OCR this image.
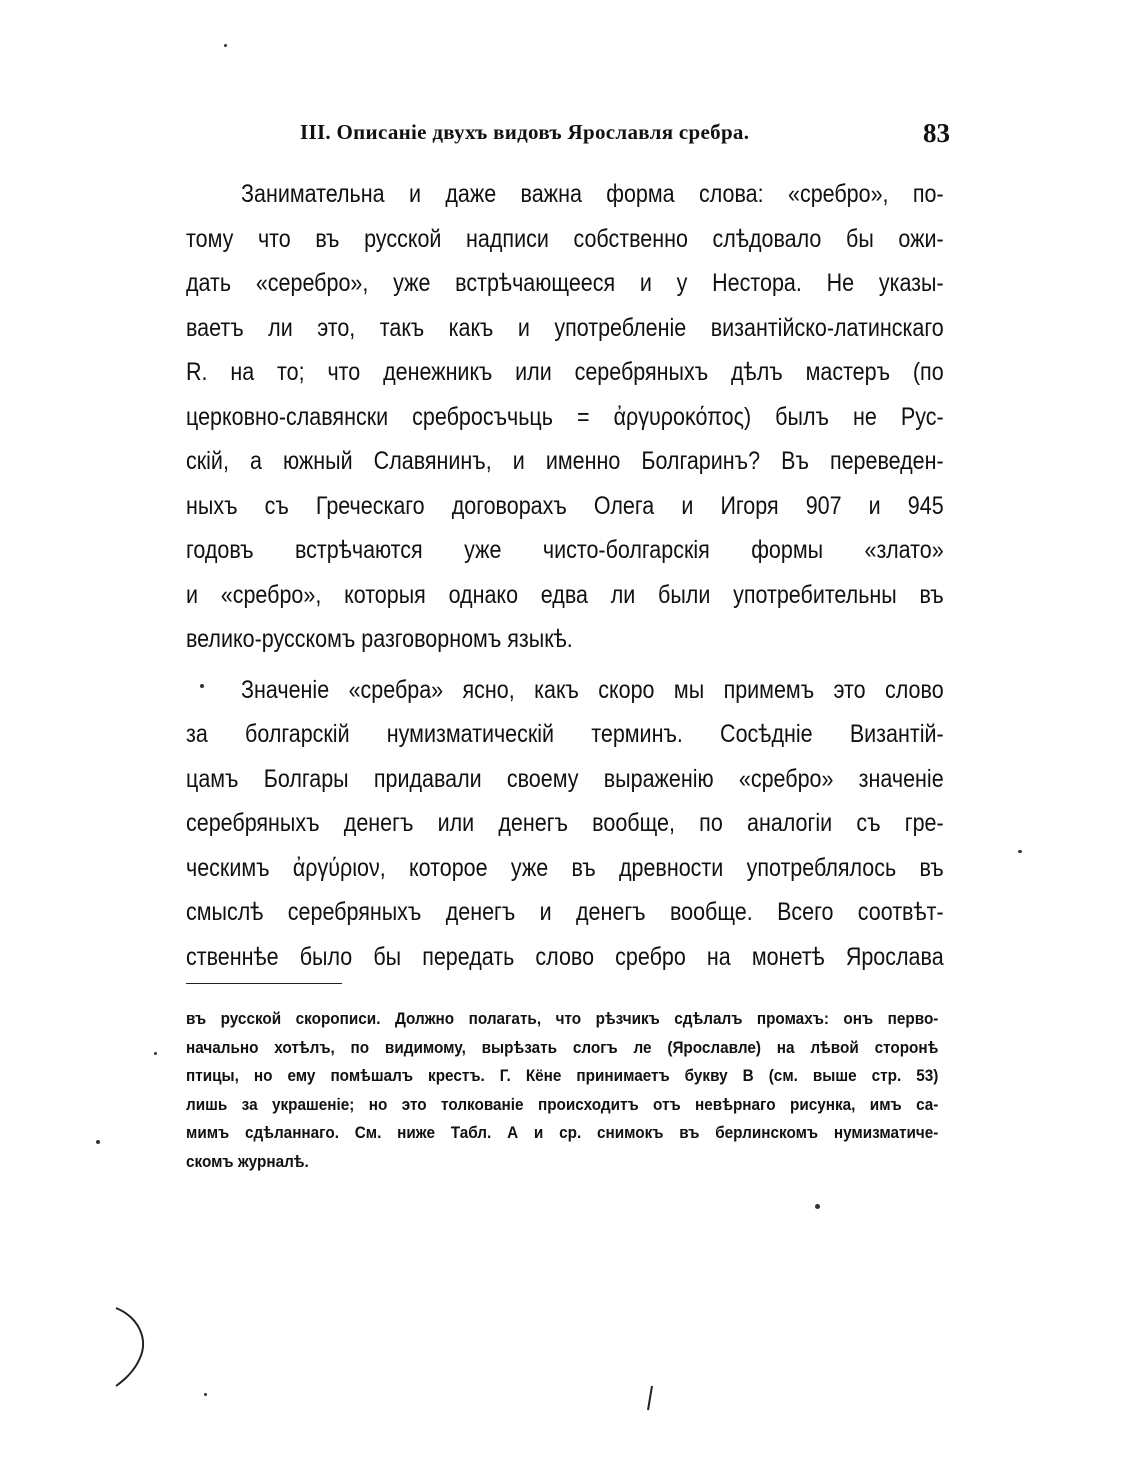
III. Описаніе двухъ видовъ Ярославля сребра.	83
Занимательна и даже важна форма слова: «сребро», по-
тому что въ русской надписи собственно слѣдовало бы ожи-
дать «серебро», уже встрѣчающееся и у Нестора. Не указы-
ваетъ ли это, такъ какъ и употребленіе византійско-латинскаго
R. на то; что денежникъ или серебряныхъ дѣлъ мастеръ (по
церковно-славянски сребросъчьць = ἀργυροκόπος) былъ не Рус-
скій, а южный Славянинъ, и именно Болгаринъ? Въ переведен-
ныхъ съ Греческаго договорахъ Олега и Игоря 907 и 945
годовъ встрѣчаются уже чисто-болгарскія формы «злато»
и «сребро», которыя однако едва ли были употребительны въ
велико-русскомъ разговорномъ языкѣ.
Значеніе «сребра» ясно, какъ скоро мы примемъ это слово
за болгарскій нумизматическій терминъ. Сосѣдніе Византій-
цамъ Болгары придавали своему выраженію «сребро» значеніе
серебряныхъ денегъ или денегъ вообще, по аналогіи съ гре-
ческимъ ἀργύριον, которое уже въ древности употреблялось въ
смыслѣ серебряныхъ денегъ и денегъ вообще. Всего соотвѣт-
ственнѣе было бы передать слово сребро на монетѣ Ярослава
въ русской скорописи. Должно полагать, что рѣзчикъ сдѣлалъ промахъ: онъ перво-
начально хотѣлъ, по видимому, вырѣзать слогъ ле (Ярославле) на лѣвой сторонѣ
птицы, но ему помѣшалъ крестъ. Г. Кёне принимаетъ букву В (см. выше стр. 53)
лишь за украшеніе; но это толкованіе происходитъ отъ невѣрнаго рисунка, имъ са-
мимъ сдѣланнаго. См. ниже Табл. А и ср. снимокъ въ берлинскомъ нумизматиче-
скомъ журналѣ.
